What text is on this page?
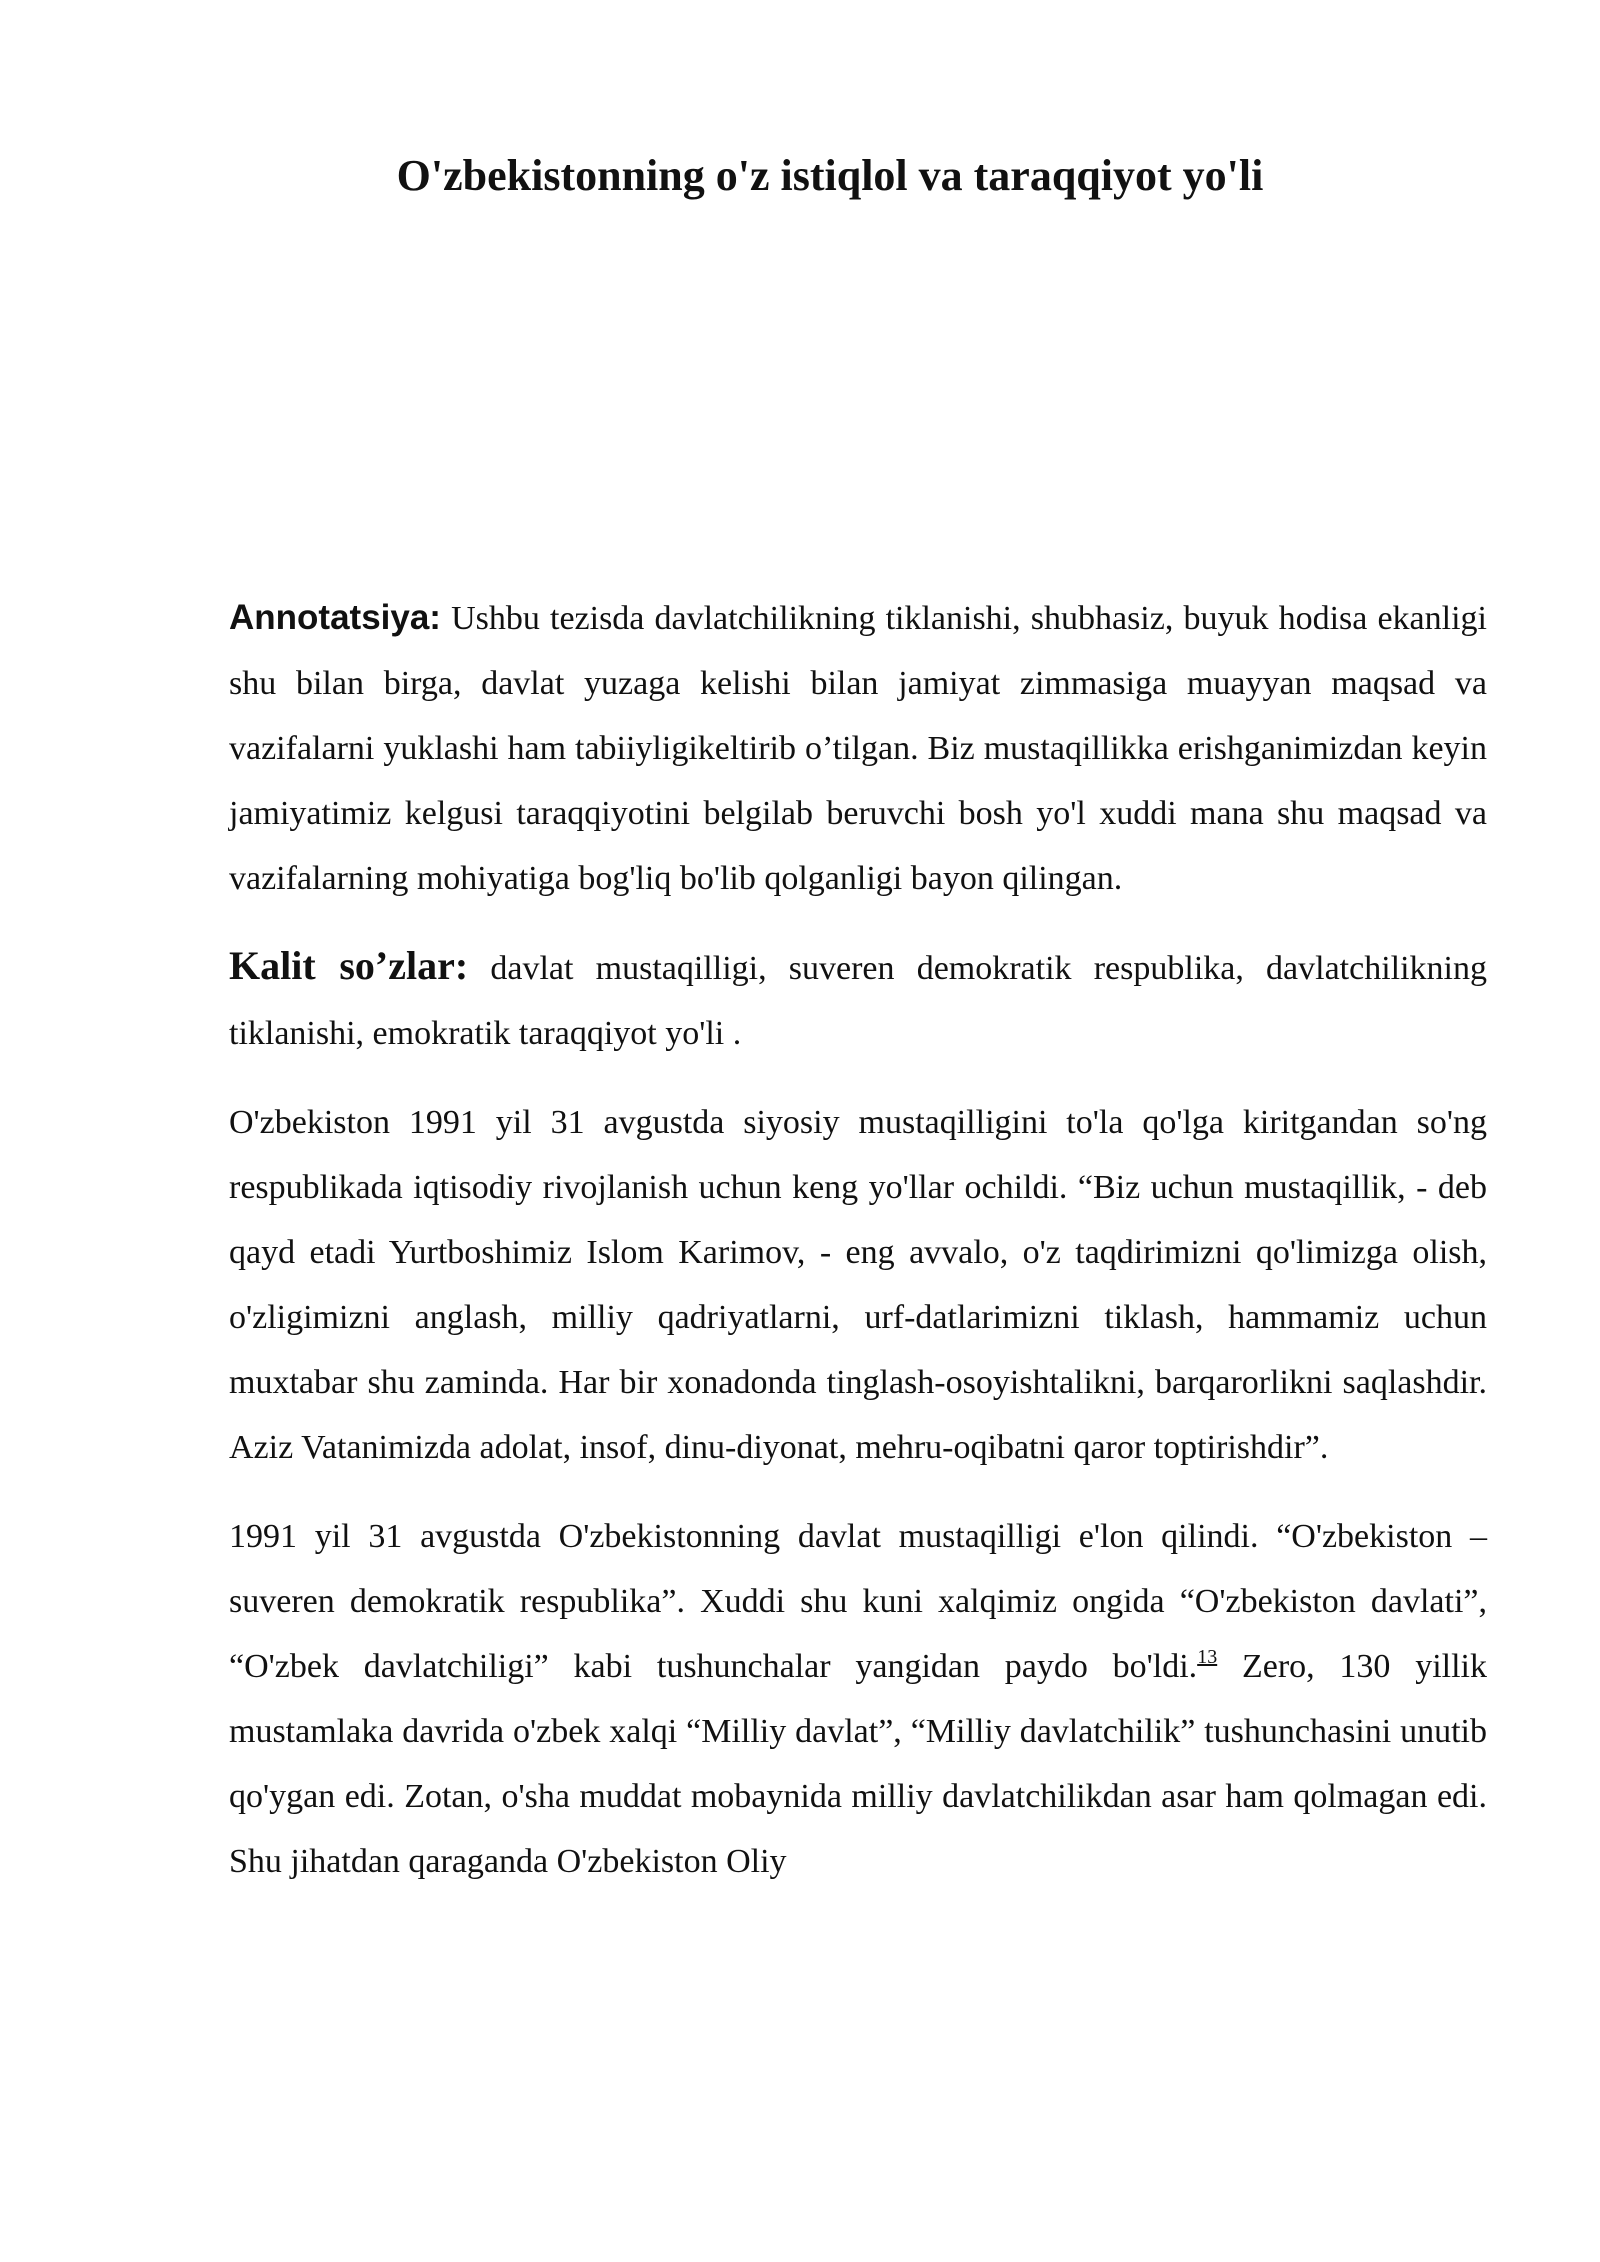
O'zbekistonning o'z istiqlol va taraqqiyot yo'li

Annotatsiya: Ushbu tezisda davlatchilikning tiklanishi, shubhasiz, buyuk hodisa ekanligi shu bilan birga, davlat yuzaga kelishi bilan jamiyat zimmasiga muayyan maqsad va vazifalarni yuklashi ham tabiiyligikeltirib o’tilgan. Biz mustaqillikka erishganimizdan keyin jamiyatimiz kelgusi taraqqiyotini belgilab beruvchi bosh yo'l xuddi mana shu maqsad va vazifalarning mohiyatiga bog'liq bo'lib qolganligi bayon qilingan.

Kalit so’zlar: davlat mustaqilligi, suveren demokratik respublika, davlatchilikning tiklanishi, emokratik taraqqiyot yo'li .

O'zbekiston 1991 yil 31 avgustda siyosiy mustaqilligini to'la qo'lga kiritgandan so'ng respublikada iqtisodiy rivojlanish uchun keng yo'llar ochildi. “Biz uchun mustaqillik, - deb qayd etadi Yurtboshimiz Islom Karimov, - eng avvalo, o'z taqdirimizni qo'limizga olish, o'zligimizni anglash, milliy qadriyatlarni, urf-datlarimizni tiklash, hammamiz uchun muxtabar shu zaminda. Har bir xonadonda tinglash-osoyishtalikni, barqarorlikni saqlashdir. Aziz Vatanimizda adolat, insof, dinu-diyonat, mehru-oqibatni qaror toptirishdir”.

1991 yil 31 avgustda O'zbekistonning davlat mustaqilligi e'lon qilindi. “O'zbekiston – suveren demokratik respublika”. Xuddi shu kuni xalqimiz ongida “O'zbekiston davlati”, “O'zbek davlatchiligi” kabi tushunchalar yangidan paydo bo'ldi.$^{13}$ Zero, 130 yillik mustamlaka davrida o'zbek xalqi “Milliy davlat”, “Milliy davlatchilik” tushunchasini unutib qo'ygan edi. Zotan, o'sha muddat mobaynida milliy davlatchilikdan asar ham qolmagan edi. Shu jihatdan qaraganda O'zbekiston Oliy
